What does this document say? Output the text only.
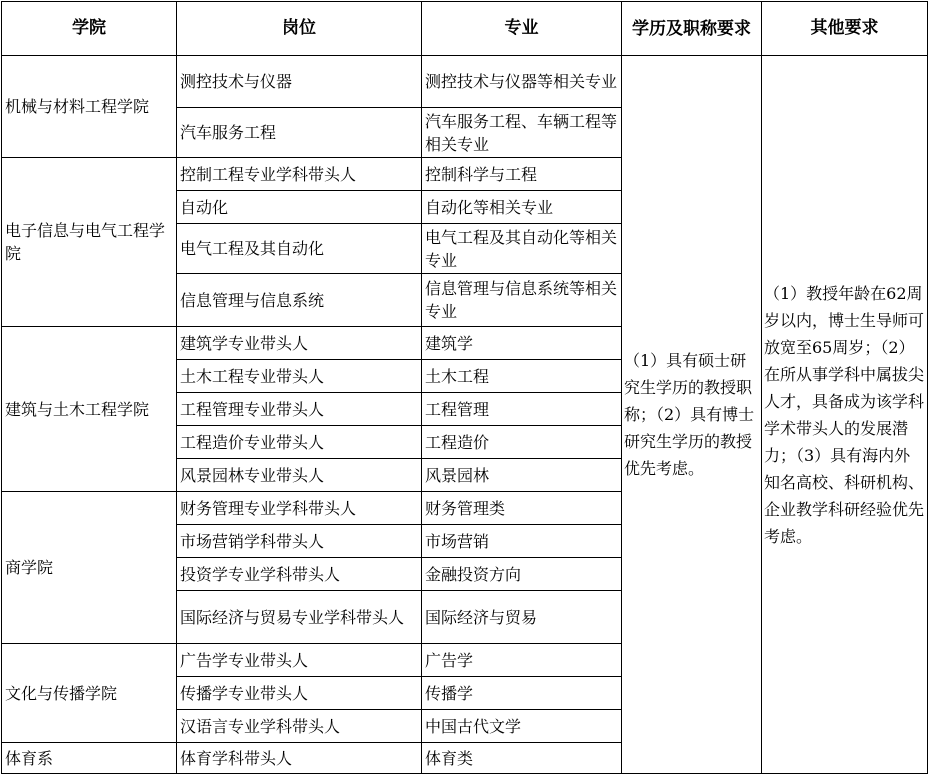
学院	岗位	专业	学历及职称要求	其他要求
机械与材料工程学院	测控技术与仪器	测控技术与仪器等相关专业	（1）具有硕士研究生学历的教授职称；（2）具有博士研究生学历的教授优先考虑。	（1）教授年龄在62周岁以内，博士生导师可放宽至65周岁；（2）在所从事学科中属拔尖人才，具备成为该学科学术带头人的发展潜力；（3）具有海内外知名高校、科研机构、企业教学科研经验优先考虑。
	汽车服务工程	汽车服务工程、车辆工程等相关专业		
电子信息与电气工程学院	控制工程专业学科带头人	控制科学与工程		
	自动化	自动化等相关专业		
	电气工程及其自动化	电气工程及其自动化等相关专业		
	信息管理与信息系统	信息管理与信息系统等相关专业		
建筑与土木工程学院	建筑学专业带头人	建筑学		
	土木工程专业带头人	土木工程		
	工程管理专业带头人	工程管理		
	工程造价专业带头人	工程造价		
	风景园林专业带头人	风景园林		
商学院	财务管理专业学科带头人	财务管理类		
	市场营销学科带头人	市场营销		
	投资学专业学科带头人	金融投资方向		
	国际经济与贸易专业学科带头人	国际经济与贸易		
文化与传播学院	广告学专业带头人	广告学		
	传播学专业带头人	传播学		
	汉语言专业学科带头人	中国古代文学		
体育系	体育学科带头人	体育类		
